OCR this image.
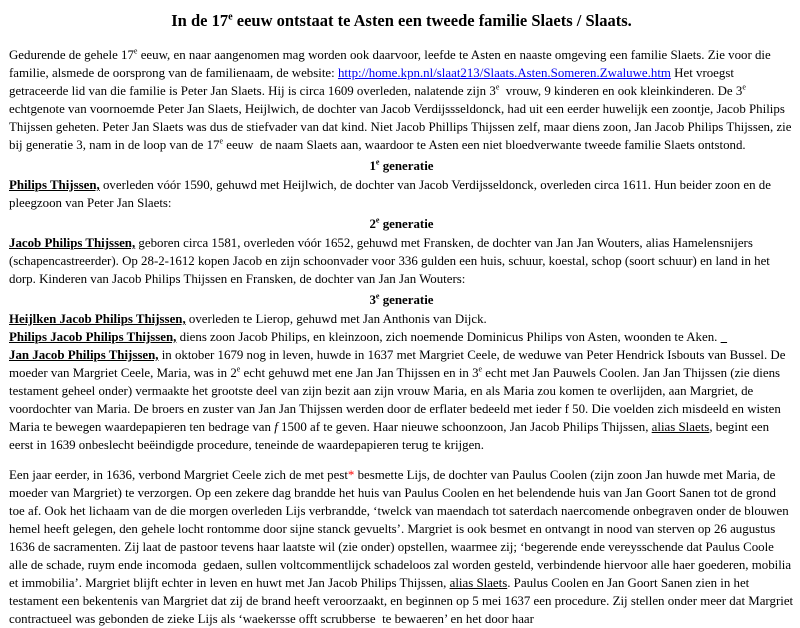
In de 17e eeuw ontstaat te Asten een tweede familie Slaets / Slaats.

Gedurende de gehele 17e eeuw, en naar aangenomen mag worden ook daarvoor, leefde te Asten en naaste omgeving een familie Slaets. Zie voor die familie, alsmede de oorsprong van de familienaam, de website: http://home.kpn.nl/slaat213/Slaats.Asten.Someren.Zwaluwe.htm Het vroegst getraceerde lid van die familie is Peter Jan Slaets. Hij is circa 1609 overleden, nalatende zijn 3e  vrouw, 9 kinderen en ook kleinkinderen. De 3e echtgenote van voornoemde Peter Jan Slaets, Heijlwich, de dochter van Jacob Verdijssseldonck, had uit een eerder huwelijk een zoontje, Jacob Philips Thijssen geheten. Peter Jan Slaets was dus de stiefvader van dat kind. Niet Jacob Phillips Thijssen zelf, maar diens zoon, Jan Jacob Philips Thijssen, zie bij generatie 3, nam in de loop van de 17e eeuw  de naam Slaets aan, waardoor te Asten een niet bloedverwante tweede familie Slaets ontstond.

1e generatie

Philips Thijssen, overleden vóór 1590, gehuwd met Heijlwich, de dochter van Jacob Verdijsseldonck, overleden circa 1611. Hun beider zoon en de pleegzoon van Peter Jan Slaets:

2e generatie

Jacob Philips Thijssen, geboren circa 1581, overleden vóór 1652, gehuwd met Fransken, de dochter van Jan Jan Wouters, alias Hamelensnijers (schapencastreerder). Op 28-2-1612 kopen Jacob en zijn schoonvader voor 336 gulden een huis, schuur, koestal, schop (soort schuur) en land in het dorp. Kinderen van Jacob Philips Thijssen en Fransken, de dochter van Jan Jan Wouters:

3e generatie

Heijlken Jacob Philips Thijssen, overleden te Lierop, gehuwd met Jan Anthonis van Dijck.

Philips Jacob Philips Thijssen, diens zoon Jacob Philips, en kleinzoon, zich noemende Dominicus Philips von Asten, woonden te Aken.

Jan Jacob Philips Thijssen, in oktober 1679 nog in leven, huwde in 1637 met Margriet Ceele, de weduwe van Peter Hendrick Isbouts van Bussel. De moeder van Margriet Ceele, Maria, was in 2e echt gehuwd met ene Jan Jan Thijssen en in 3e echt met Jan Pauwels Coolen. Jan Jan Thijssen (zie diens testament geheel onder) vermaakte het grootste deel van zijn bezit aan zijn vrouw Maria, en als Maria zou komen te overlijden, aan Margriet, de voordochter van Maria. De broers en zuster van Jan Jan Thijssen werden door de erflater bedeeld met ieder f 50. Die voelden zich misdeeld en wisten Maria te bewegen waardepapieren ten bedrage van f 1500 af te geven. Haar nieuwe schoonzoon, Jan Jacob Philips Thijssen, alias Slaets, begint een eerst in 1639 onbeslecht beëindigde procedure, teneinde de waardepapieren terug te krijgen.

Een jaar eerder, in 1636, verbond Margriet Ceele zich de met pest* besmette Lijs, de dochter van Paulus Coolen (zijn zoon Jan huwde met Maria, de moeder van Margriet) te verzorgen. Op een zekere dag brandde het huis van Paulus Coolen en het belendende huis van Jan Goort Sanen tot de grond toe af. Ook het lichaam van de die morgen overleden Lijs verbrandde, ‘twelck van maendach tot saterdach naercomende onbegraven onder de blouwen hemel heeft gelegen, den gehele locht rontomme door sijne stanck gevuelts’. Margriet is ook besmet en ontvangt in nood van sterven op 26 augustus 1636 de sacramenten. Zij laat de pastoor tevens haar laatste wil (zie onder) opstellen, waarmee zij; ‘begerende ende vereysschende dat Paulus Coole alle de schade, ruym ende incomoda  gedaen, sullen voltcommentlijck schadeloos zal worden gesteld, verbindende hiervoor alle haer goederen, mobilia et immobilia’. Margriet blijft echter in leven en huwt met Jan Jacob Philips Thijssen, alias Slaets. Paulus Coolen en Jan Goort Sanen zien in het testament een bekentenis van Margriet dat zij de brand heeft veroorzaakt, en beginnen op 5 mei 1637 een procedure. Zij stellen onder meer dat Margriet contractueel was gebonden de zieke Lijs als ‘waekersse offt scrubberse  te bewaeren’ en het door haar
